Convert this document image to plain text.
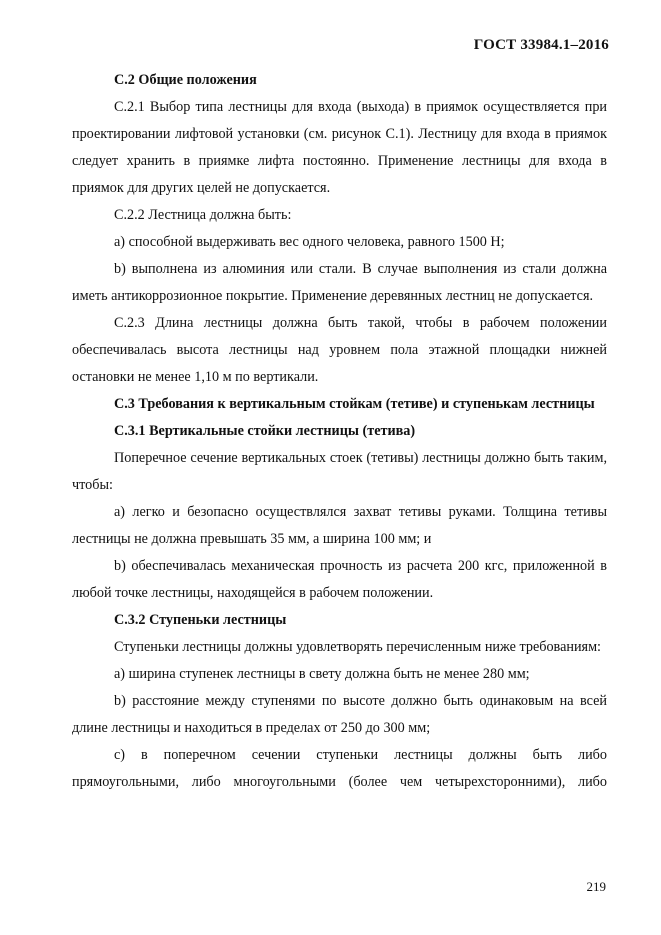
ГОСТ 33984.1–2016

С.2 Общие положения

С.2.1 Выбор типа лестницы для входа (выхода) в приямок осуществляется при проектировании лифтовой установки (см. рисунок С.1). Лестницу для входа в приямок следует хранить в приямке лифта постоянно. Применение лестницы для входа в приямок для других целей не допускается.

С.2.2 Лестница должна быть:

а) способной выдерживать вес одного человека, равного 1500 Н;

b) выполнена из алюминия или стали. В случае выполнения из стали должна иметь антикоррозионное покрытие. Применение деревянных лестниц не допускается.

С.2.3 Длина лестницы должна быть такой, чтобы в рабочем положении обеспечивалась высота лестницы над уровнем пола этажной площадки нижней остановки не менее 1,10 м по вертикали.

С.3 Требования к вертикальным стойкам (тетиве) и ступенькам лестницы

С.3.1 Вертикальные стойки лестницы (тетива)

Поперечное сечение вертикальных стоек (тетивы) лестницы должно быть таким, чтобы:

а) легко и безопасно осуществлялся захват тетивы руками. Толщина тетивы лестницы не должна превышать 35 мм, а ширина 100 мм; и

b) обеспечивалась механическая прочность из расчета 200 кгс, приложенной в любой точке лестницы, находящейся в рабочем положении.

С.3.2 Ступеньки лестницы

Ступеньки лестницы должны удовлетворять перечисленным ниже требованиям:

а) ширина ступенек лестницы в свету должна быть не менее 280 мм;

b) расстояние между ступенями по высоте должно быть одинаковым на всей длине лестницы и находиться в пределах от 250 до 300 мм;

с) в поперечном сечении ступеньки лестницы должны быть либо прямоугольными, либо многоугольными (более чем четырехсторонними), либо

219
